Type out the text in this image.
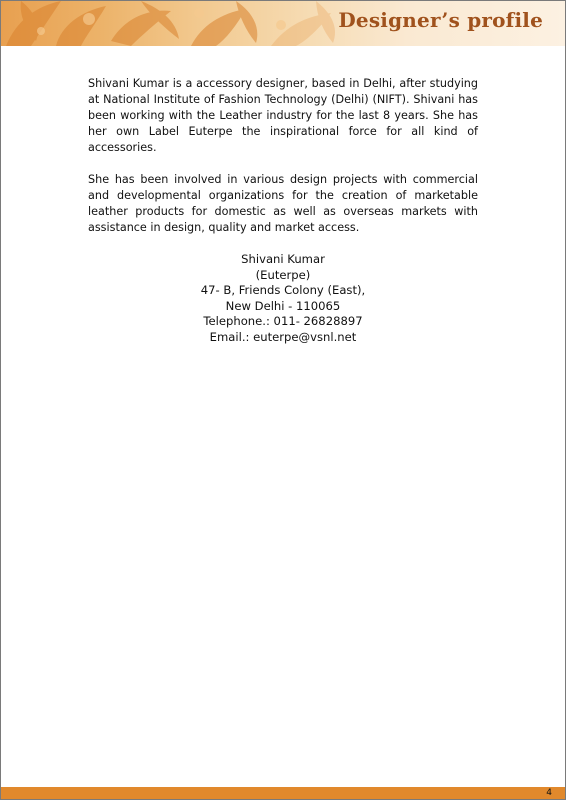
Designer’s profile

Shivani Kumar is a accessory designer, based in Delhi, after studying at National Institute of Fashion Technology (Delhi) (NIFT). Shivani has been working with the Leather industry for the last 8 years. She has her own Label Euterpe the inspirational force for all kind of accessories.

She has been involved in various design projects with commercial and developmental organizations for the creation of marketable leather products for domestic as well as overseas markets with assistance in design, quality and market access.

Shivani Kumar
(Euterpe)
47- B, Friends Colony (East),
New Delhi - 110065
Telephone.: 011- 26828897
Email.: euterpe@vsnl.net
4
